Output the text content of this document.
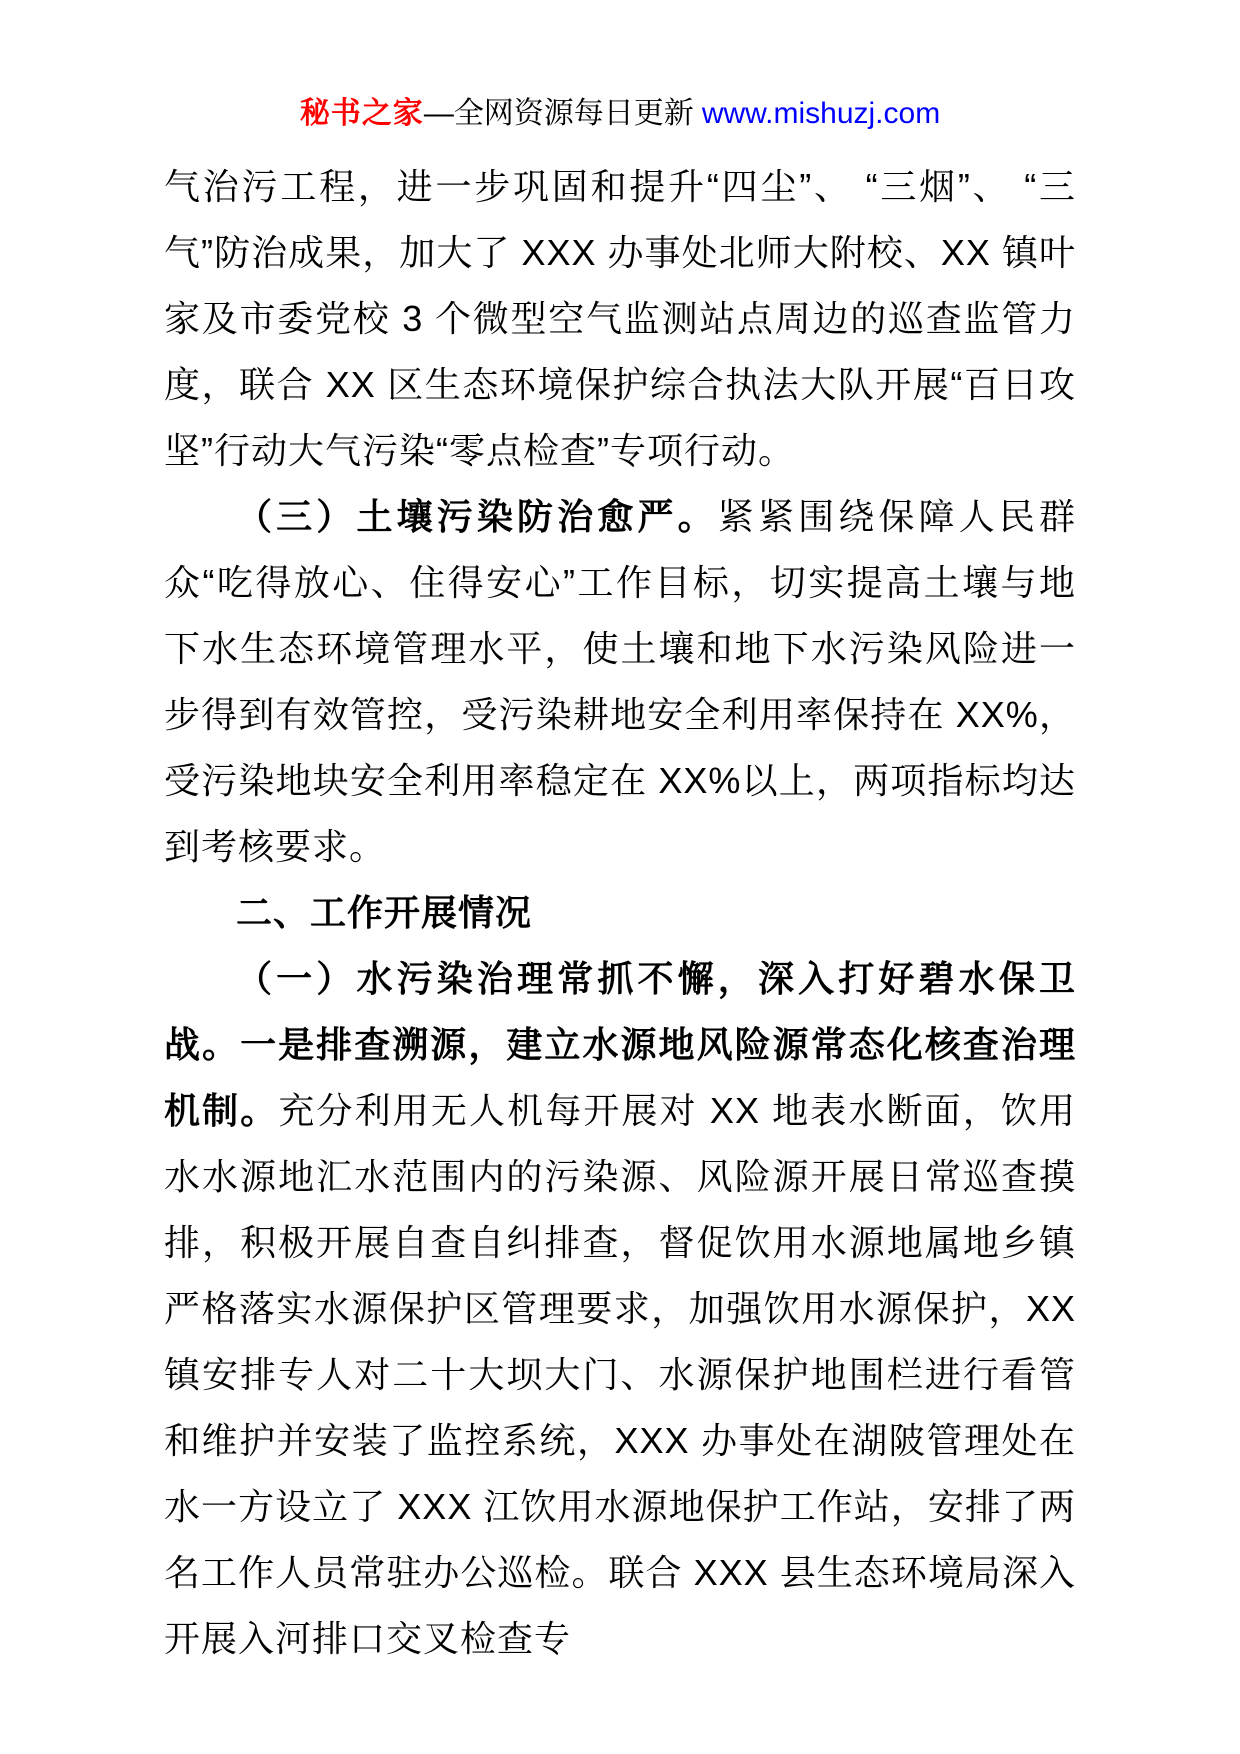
秘书之家—全网资源每日更新 www.mishuzj.com

气治污工程，进一步巩固和提升“四尘”、 “三烟”、 “三气”防治成果，加大了 XXX 办事处北师大附校、XX 镇叶家及市委党校 3 个微型空气监测站点周边的巡查监管力度，联合 XX 区生态环境保护综合执法大队开展“百日攻坚”行动大气污染“零点检查”专项行动。

（三）土壤污染防治愈严。紧紧围绕保障人民群众“吃得放心、住得安心”工作目标，切实提高土壤与地下水生态环境管理水平，使土壤和地下水污染风险进一步得到有效管控，受污染耕地安全利用率保持在 XX%，受污染地块安全利用率稳定在 XX%以上，两项指标均达到考核要求。

二、工作开展情况

（一）水污染治理常抓不懈，深入打好碧水保卫战。一是排查溯源，建立水源地风险源常态化核查治理机制。充分利用无人机每开展对 XX 地表水断面，饮用水水源地汇水范围内的污染源、风险源开展日常巡查摸排，积极开展自查自纠排查，督促饮用水源地属地乡镇严格落实水源保护区管理要求，加强饮用水源保护，XX 镇安排专人对二十大坝大门、水源保护地围栏进行看管和维护并安装了监控系统，XXX 办事处在湖陂管理处在水一方设立了 XXX 江饮用水源地保护工作站，安排了两名工作人员常驻办公巡检。联合 XXX 县生态环境局深入开展入河排口交叉检查专
